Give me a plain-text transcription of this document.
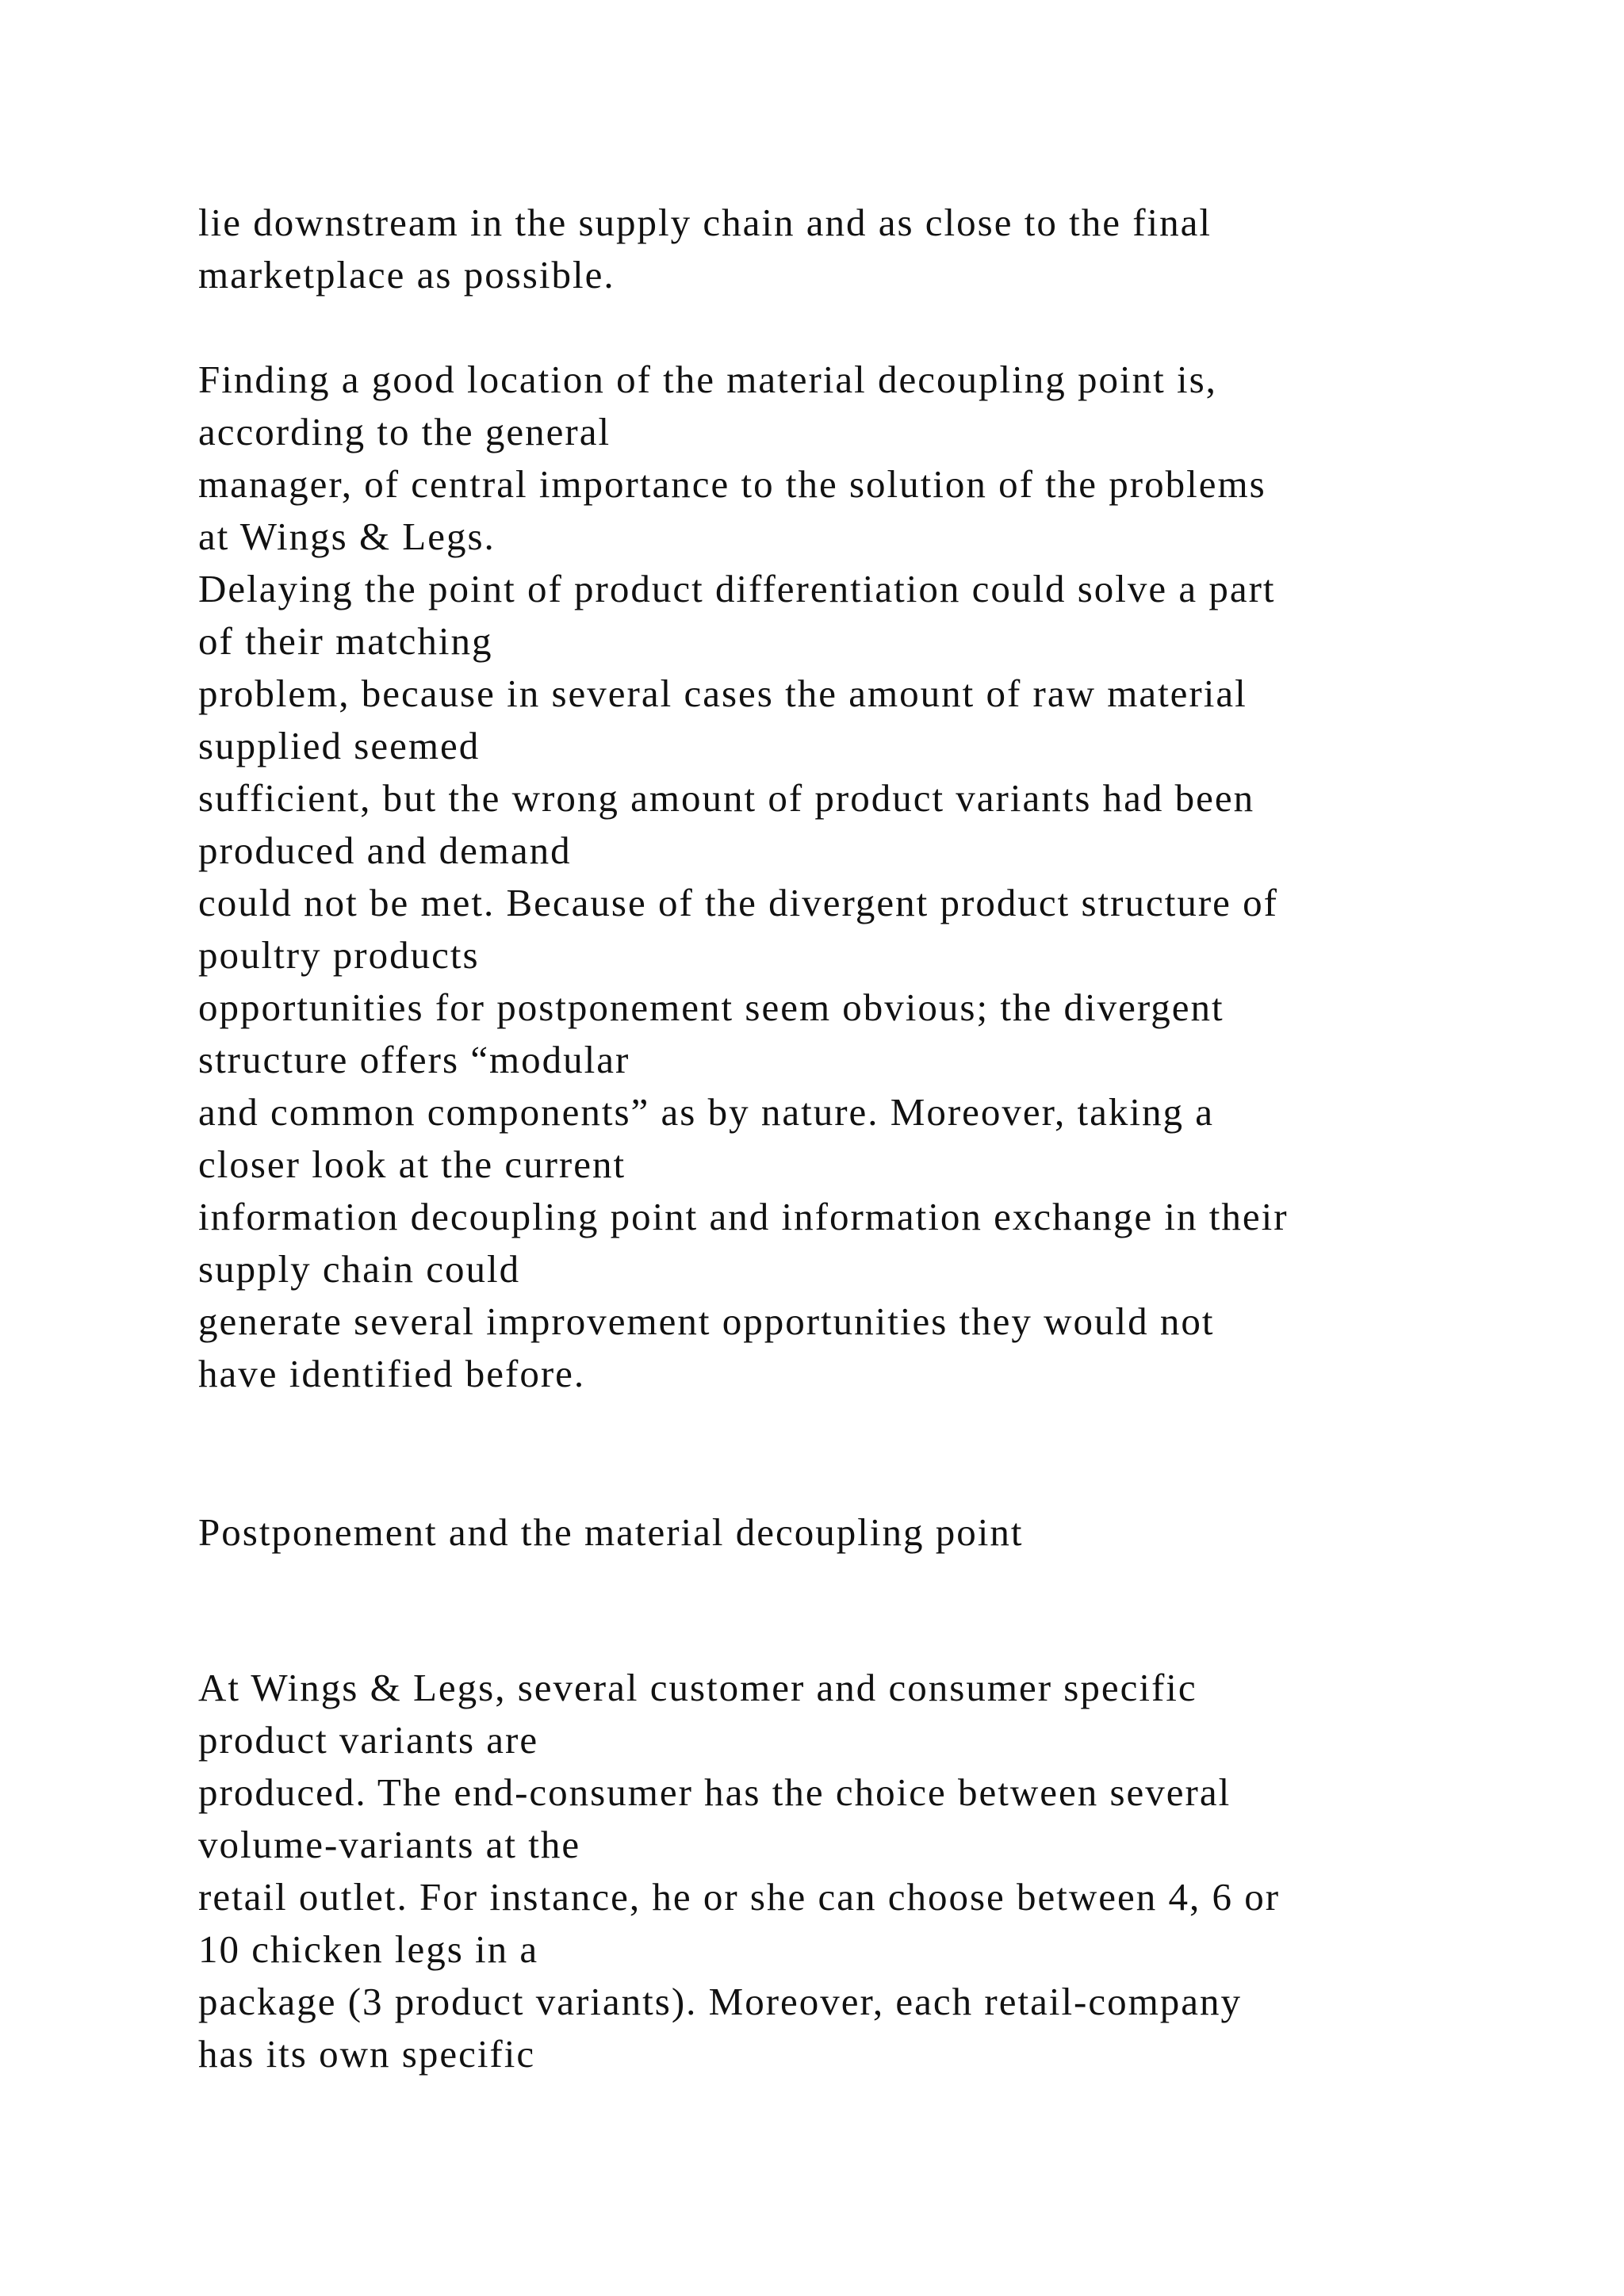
lie downstream in the supply chain and as close to the final
marketplace as possible.

Finding a good location of the material decoupling point is,
according to the general
manager, of central importance to the solution of the problems
at Wings & Legs.
Delaying the point of product differentiation could solve a part
of their matching
problem, because in several cases the amount of raw material
supplied seemed
sufficient, but the wrong amount of product variants had been
produced and demand
could not be met. Because of the divergent product structure of
poultry products
opportunities for postponement seem obvious; the divergent
structure offers “modular
and common components” as by nature. Moreover, taking a
closer look at the current
information decoupling point and information exchange in their
supply chain could
generate several improvement opportunities they would not
have identified before.

Postponement and the material decoupling point

At Wings & Legs, several customer and consumer specific
product variants are
produced. The end-consumer has the choice between several
volume-variants at the
retail outlet. For instance, he or she can choose between 4, 6 or
10 chicken legs in a
package (3 product variants). Moreover, each retail-company
has its own specific
